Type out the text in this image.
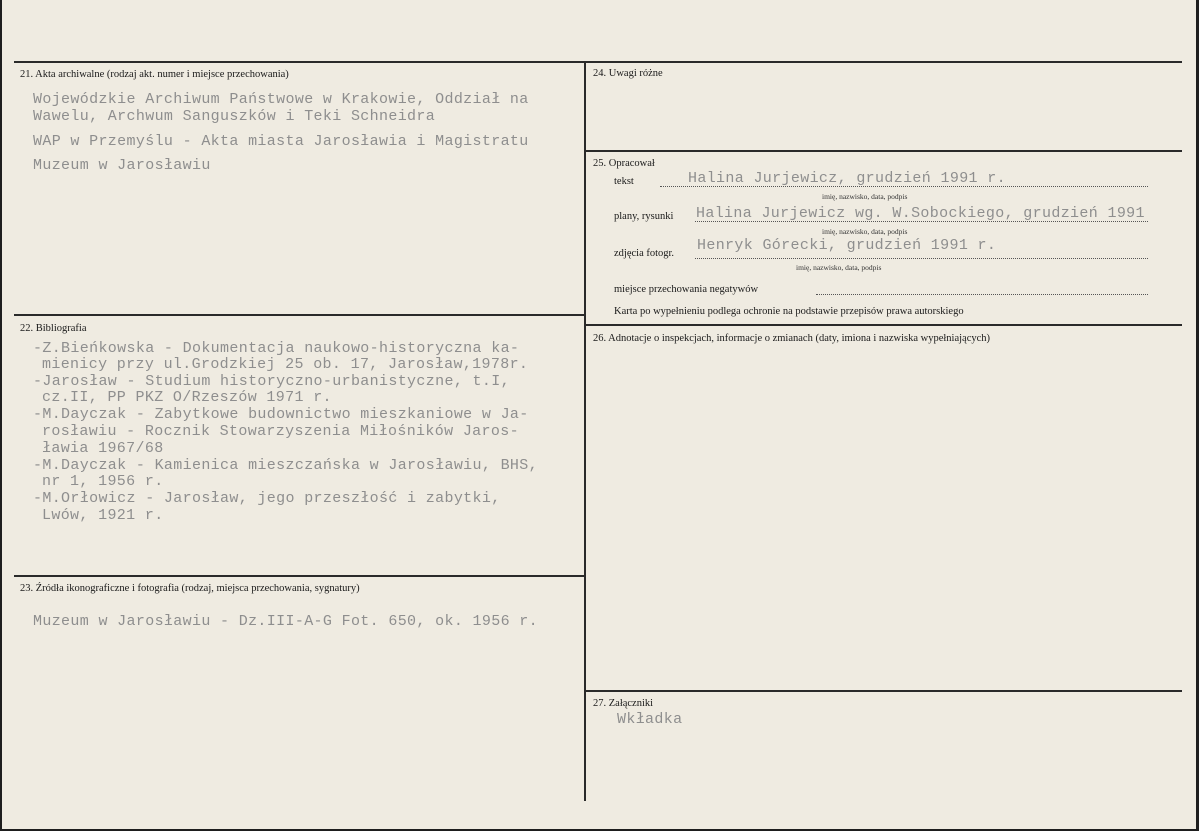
21. Akta archiwalne (rodzaj akt. numer i miejsce przechowania)
Wojewódzkie Archiwum Państwowe w Krakowie, Oddział na
Wawelu, Archwum Sanguszków i Teki Schneidra
WAP w Przemyślu - Akta miasta Jarosławia i Magistratu
Muzeum w Jarosławiu
22. Bibliografia
-Z.Bieńkowska - Dokumentacja naukowo-historyczna ka-
mienicy przy ul.Grodzkiej 25 ob. 17, Jarosław,1978r.
-Jarosław - Studium historyczno-urbanistyczne, t.I,
cz.II, PP PKZ O/Rzeszów 1971 r.
-M.Dayczak - Zabytkowe budownictwo mieszkaniowe w Ja-
rosławiu - Rocznik Stowarzyszenia Miłośników Jaros-
ławia 1967/68
-M.Dayczak - Kamienica mieszczańska w Jarosławiu, BHS,
nr 1, 1956 r.
-M.Orłowicz - Jarosław, jego przeszłość i zabytki,
Lwów, 1921 r.
23. Źródła ikonograficzne i fotografia (rodzaj, miejsca przechowania, sygnatury)
Muzeum w Jarosławiu - Dz.III-A-G Fot. 650, ok. 1956 r.
24. Uwagi różne
25. Opracował
tekst	Halina Jurjewicz, grudzień 1991 r.
imię, nazwisko, data, podpis
plany, rysunki Halina Jurjewicz wg. W.Sobockiego, grudzień 1991
imię, nazwisko, data, podpis
zdjęcia fotogr. Henryk Górecki, grudzień 1991 r.
imię, nazwisko, data, podpis
miejsce przechowania negatywów
Karta po wypełnieniu podlega ochronie na podstawie przepisów prawa autorskiego
26. Adnotacje o inspekcjach, informacje o zmianach (daty, imiona i nazwiska wypełniających)
27. Załączniki
Wkładka
